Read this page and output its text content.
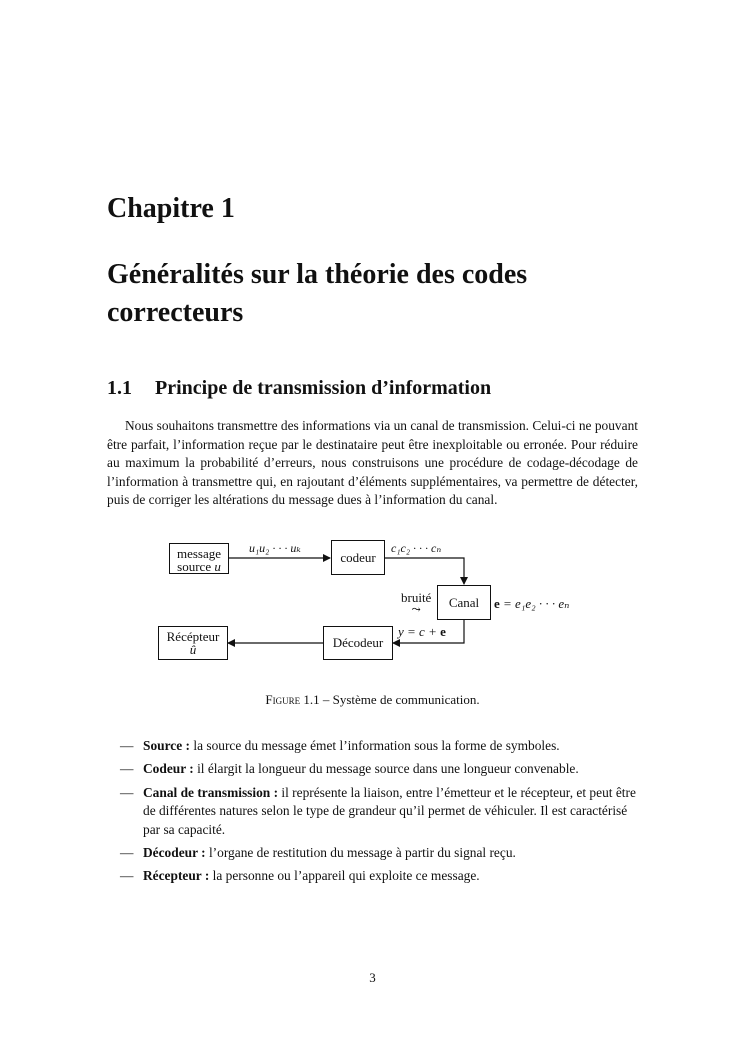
Chapitre 1
Généralités sur la théorie des codes correcteurs
1.1 Principe de transmission d’information
Nous souhaitons transmettre des informations via un canal de transmission. Celui-ci ne pouvant être parfait, l’information reçue par le destinataire peut être inexploitable ou erronée. Pour réduire au maximum la probabilité d’erreurs, nous construisons une procédure de codage-décodage de l’information à transmettre qui, en rajoutant d’éléments supplémentaires, va permettre de détecter, puis de corriger les altérations du message dues à l’information du canal.
message
source u
codeur
Canal
Décodeur
Récépteur
û
u₁u₂ · · · uₖ	c₁c₂ · · · cₙ
bruité
⤳	e = e₁e₂ · · · eₙ
y = c + e
Figure 1.1 – Système de communication.
— Source : la source du message émet l’information sous la forme de symboles.
— Codeur : il élargit la longueur du message source dans une longueur convenable.
— Canal de transmission : il représente la liaison, entre l’émetteur et le récepteur, et peut être de différentes natures selon le type de grandeur qu’il permet de véhiculer. Il est caractérisé par sa capacité.
— Décodeur : l’organe de restitution du message à partir du signal reçu.
— Récepteur : la personne ou l’appareil qui exploite ce message.
3
